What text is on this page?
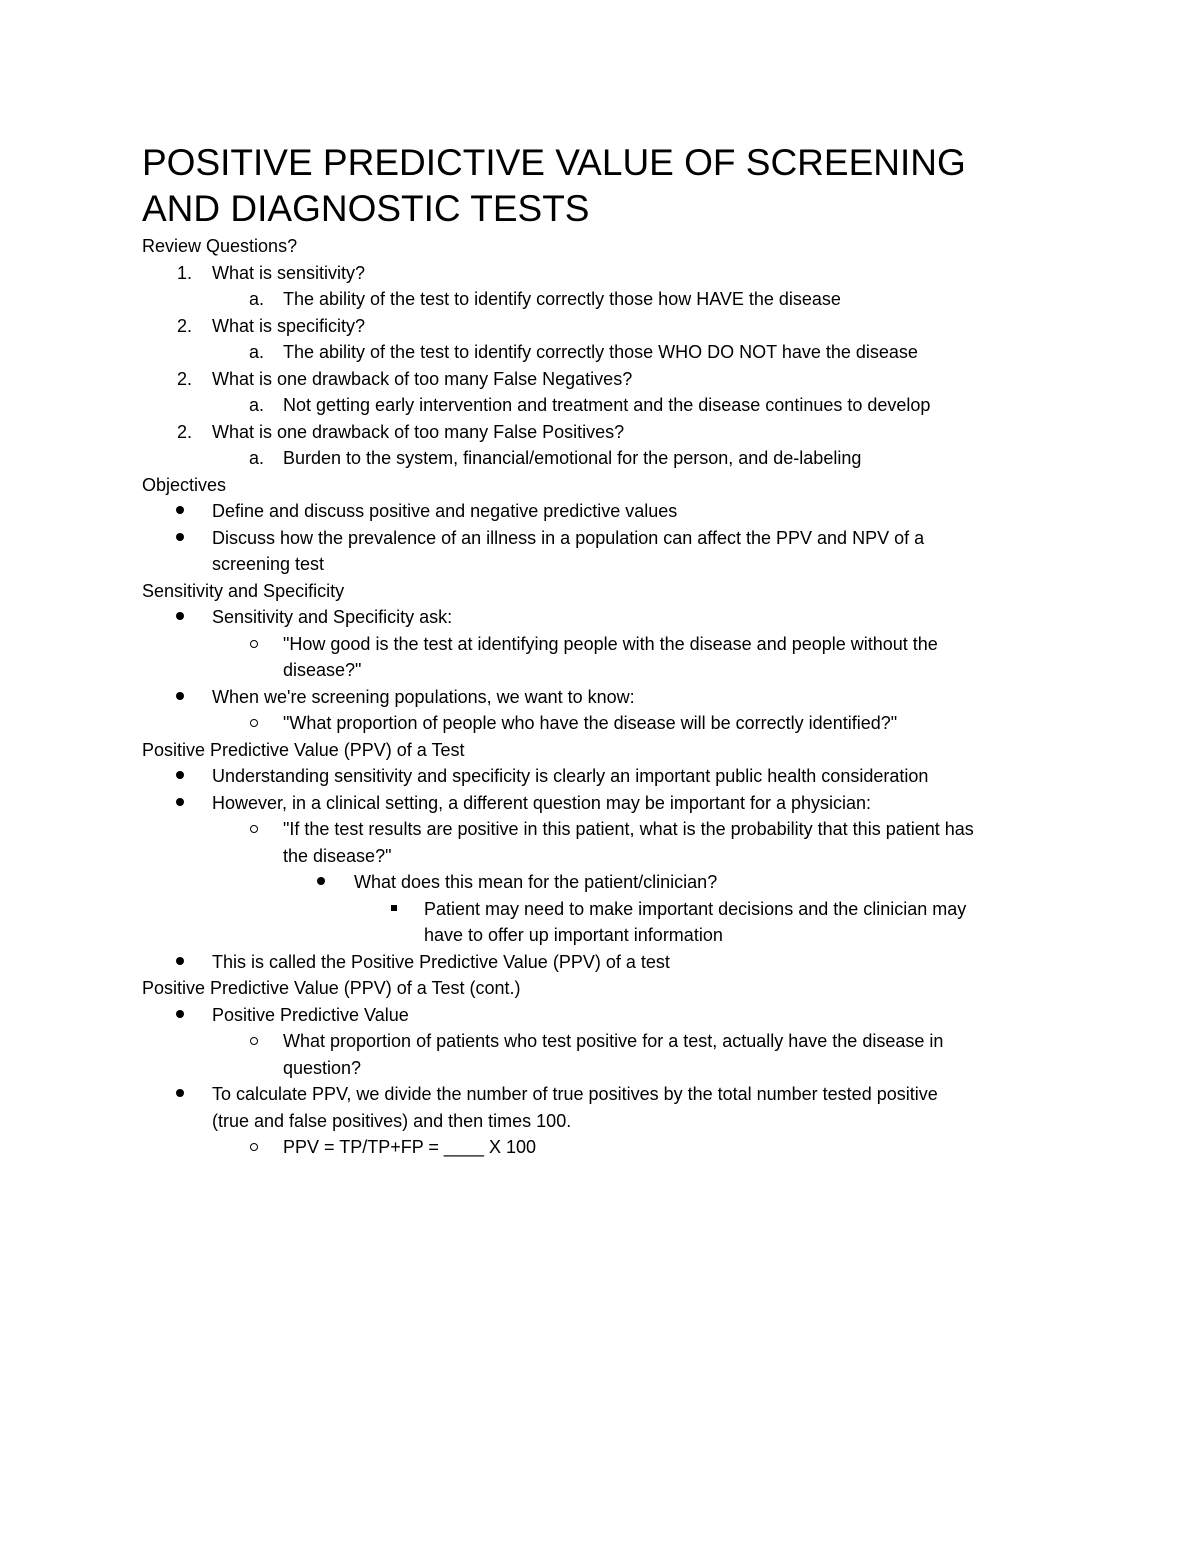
POSITIVE PREDICTIVE VALUE OF SCREENING
AND DIAGNOSTIC TESTS
Review Questions?
1. What is sensitivity?
a. The ability of the test to identify correctly those how HAVE the disease
2. What is specificity?
a. The ability of the test to identify correctly those WHO DO NOT have the disease
2. What is one drawback of too many False Negatives?
a. Not getting early intervention and treatment and the disease continues to develop
2. What is one drawback of too many False Positives?
a. Burden to the system, financial/emotional for the person, and de-labeling
Objectives
Define and discuss positive and negative predictive values
Discuss how the prevalence of an illness in a population can affect the PPV and NPV of a
screening test
Sensitivity and Specificity
Sensitivity and Specificity ask:
"How good is the test at identifying people with the disease and people without the
disease?"
When we're screening populations, we want to know:
"What proportion of people who have the disease will be correctly identified?"
Positive Predictive Value (PPV) of a Test
Understanding sensitivity and specificity is clearly an important public health consideration
However, in a clinical setting, a different question may be important for a physician:
"If the test results are positive in this patient, what is the probability that this patient has
the disease?"
What does this mean for the patient/clinician?
Patient may need to make important decisions and the clinician may
have to offer up important information
This is called the Positive Predictive Value (PPV) of a test
Positive Predictive Value (PPV) of a Test (cont.)
Positive Predictive Value
What proportion of patients who test positive for a test, actually have the disease in
question?
To calculate PPV, we divide the number of true positives by the total number tested positive
(true and false positives) and then times 100.
PPV = TP/TP+FP = ____ X 100
